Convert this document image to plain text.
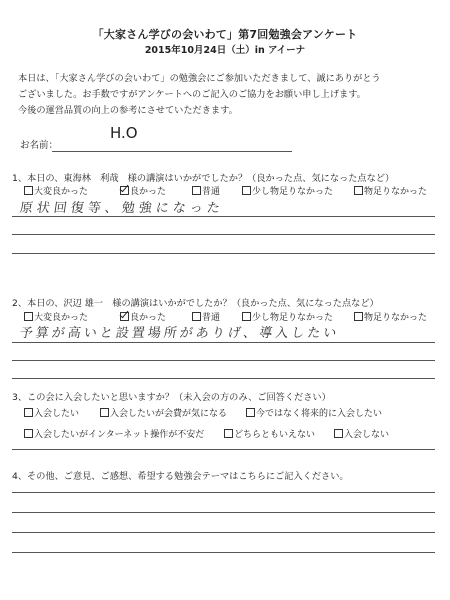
「大家さん学びの会いわて」第7回勉強会アンケート
2015年10月24日（土）in アイーナ
本日は、「大家さん学びの会いわて」の勉強会にご参加いただきまして、誠にありがとう
ございました。お手数ですがアンケートへのご記入のご協力をお願い申し上げます。
今後の運営品質の向上の参考にさせていただきます。
お名前：
H.O
1、本日の、東海林　利哉　様の講演はいかがでしたか？（良かった点、気になった点など）
大変良かった	良かった	普通	少し物足りなかった	物足りなかった
原状回復等、勉強になった
2、本日の、沢辺 雄一　様の講演はいかがでしたか？（良かった点、気になった点など）
大変良かった	良かった	普通	少し物足りなかった	物足りなかった
予算が高いと設置場所がありげ、導入したい
3、この会に入会したいと思いますか？（未入会の方のみ、ご回答ください）
入会したい	入会したいが会費が気になる	今ではなく将来的に入会したい
入会したいがインターネット操作が不安だ	どちらともいえない	入会しない
4、その他、ご意見、ご感想、希望する勉強会テーマはこちらにご記入ください。
